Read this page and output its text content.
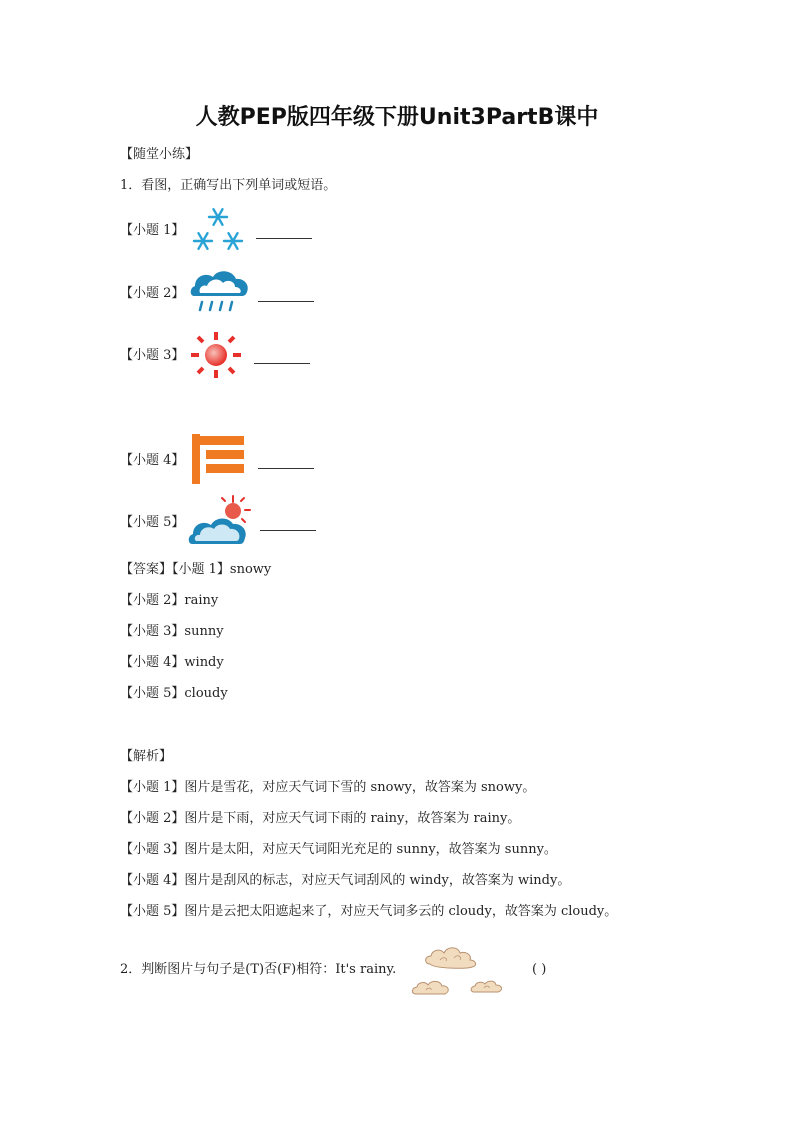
人教PEP版四年级下册Unit3PartB课中
【随堂小练】
1．看图，正确写出下列单词或短语。
【小题 1】
【小题 2】
【小题 3】
【小题 4】
【小题 5】
【答案】【小题 1】snowy
【小题 2】rainy
【小题 3】sunny
【小题 4】windy
【小题 5】cloudy
【解析】
【小题 1】图片是雪花，对应天气词下雪的 snowy，故答案为 snowy。
【小题 2】图片是下雨，对应天气词下雨的 rainy，故答案为 rainy。
【小题 3】图片是太阳，对应天气词阳光充足的 sunny，故答案为 sunny。
【小题 4】图片是刮风的标志，对应天气词刮风的 windy，故答案为 windy。
【小题 5】图片是云把太阳遮起来了，对应天气词多云的 cloudy，故答案为 cloudy。
2．判断图片与句子是(T)否(F)相符：It's rainy.	( )
